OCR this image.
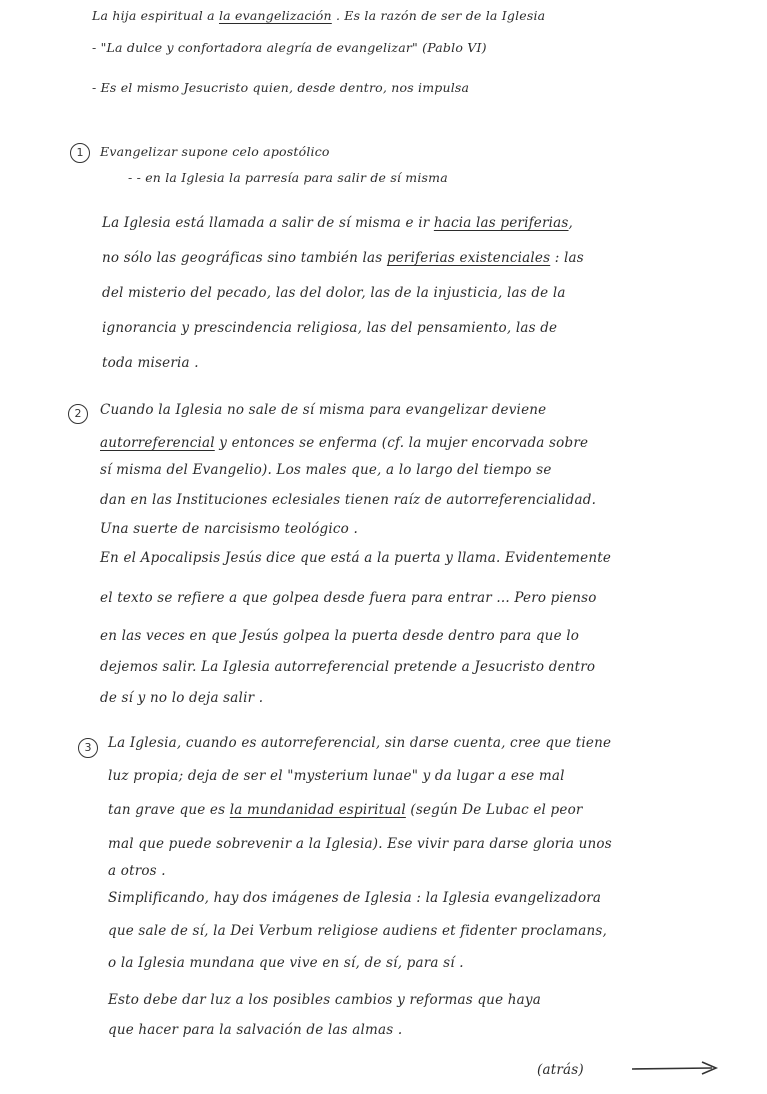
La hija espiritual a la evangelización . Es la razón de ser de la Iglesia
- "La dulce y confortadora alegría de evangelizar" (Pablo VI)
- Es el mismo Jesucristo quien, desde dentro, nos impulsa
1	Evangelizar supone celo apostólico
- - en la Iglesia la parresía para salir de sí misma
La Iglesia está llamada a salir de sí misma e ir hacia las periferias,
no sólo las geográficas sino también las periferias existenciales : las
del misterio del pecado, las del dolor, las de la injusticia, las de la
ignorancia y prescindencia religiosa, las del pensamiento, las de
toda miseria .
2	Cuando la Iglesia no sale de sí misma para evangelizar deviene
autorreferencial y entonces se enferma (cf. la mujer encorvada sobre
sí misma del Evangelio). Los males que, a lo largo del tiempo se
dan en las Instituciones eclesiales tienen raíz de autorreferencialidad.
Una suerte de narcisismo teológico .
En el Apocalipsis Jesús dice que está a la puerta y llama. Evidentemente
el texto se refiere a que golpea desde fuera para entrar ... Pero pienso
en las veces en que Jesús golpea la puerta desde dentro para que lo
dejemos salir. La Iglesia autorreferencial pretende a Jesucristo dentro
de sí y no lo deja salir .
3	La Iglesia, cuando es autorreferencial, sin darse cuenta, cree que tiene
luz propia; deja de ser el "mysterium lunae" y da lugar a ese mal
tan grave que es la mundanidad espiritual (según De Lubac el peor
mal que puede sobrevenir a la Iglesia). Ese vivir para darse gloria unos
a otros .
Simplificando, hay dos imágenes de Iglesia : la Iglesia evangelizadora
que sale de sí, la Dei Verbum religiose audiens et fidenter proclamans,
o la Iglesia mundana que vive en sí, de sí, para sí .
Esto debe dar luz a los posibles cambios y reformas que haya
que hacer para la salvación de las almas .
(atrás)
